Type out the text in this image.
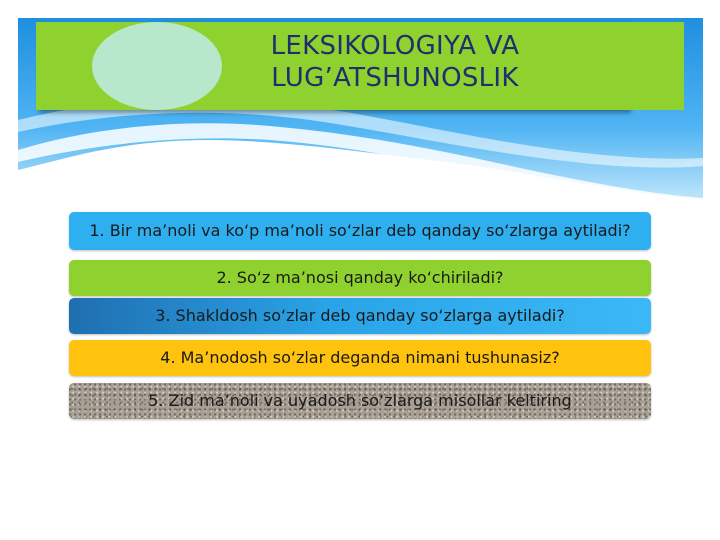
LEKSIKOLOGIYA VA
LUG’ATSHUNOSLIK
1. Bir ma’noli va ko‘p ma’noli so‘zlar deb qanday so‘zlarga aytiladi?
2. So‘z ma’nosi qanday ko‘chiriladi?
3. Shakldosh so‘zlar deb qanday so‘zlarga aytiladi?
4. Ma’nodosh so‘zlar deganda nimani tushunasiz?
5. Zid ma’noli va uyadosh so‘zlarga misollar keltiring
